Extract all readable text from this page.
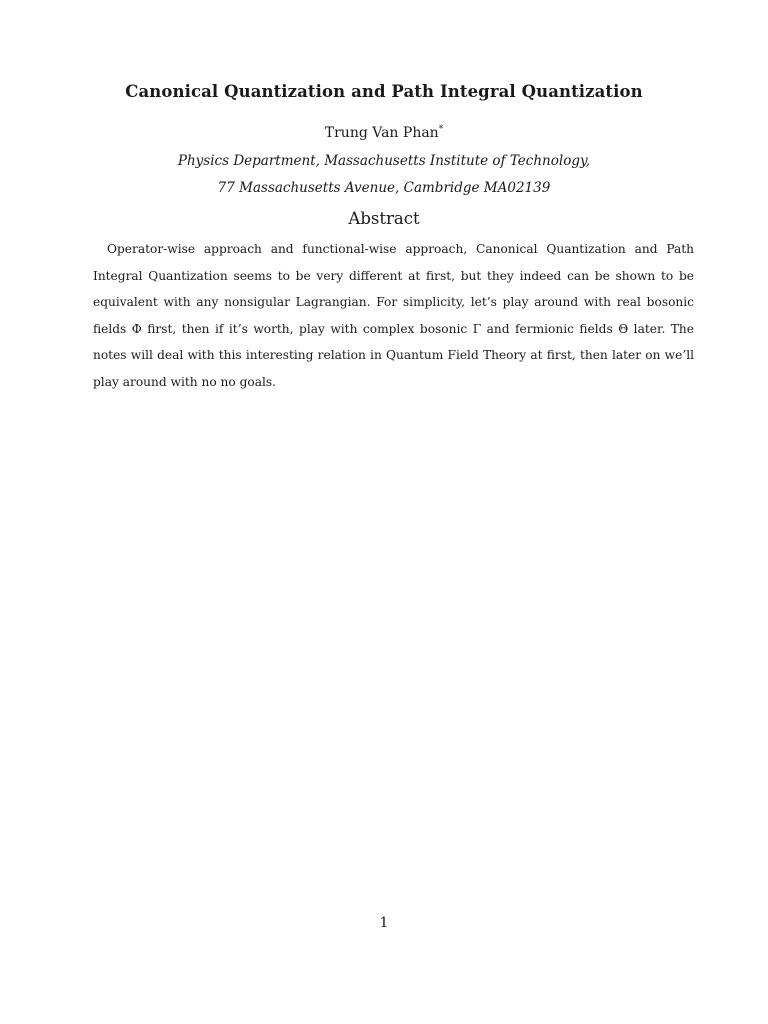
Canonical Quantization and Path Integral Quantization
Trung Van Phan*
Physics Department, Massachusetts Institute of Technology,
77 Massachusetts Avenue, Cambridge MA02139
Abstract
Operator-wise approach and functional-wise approach, Canonical Quantization and Path Integral Quantization seems to be very different at first, but they indeed can be shown to be equivalent with any nonsigular Lagrangian. For simplicity, let’s play around with real bosonic fields Φ first, then if it’s worth, play with complex bosonic Γ and fermionic fields Θ later. The notes will deal with this interesting relation in Quantum Field Theory at first, then later on we’ll play around with no no goals.
1
